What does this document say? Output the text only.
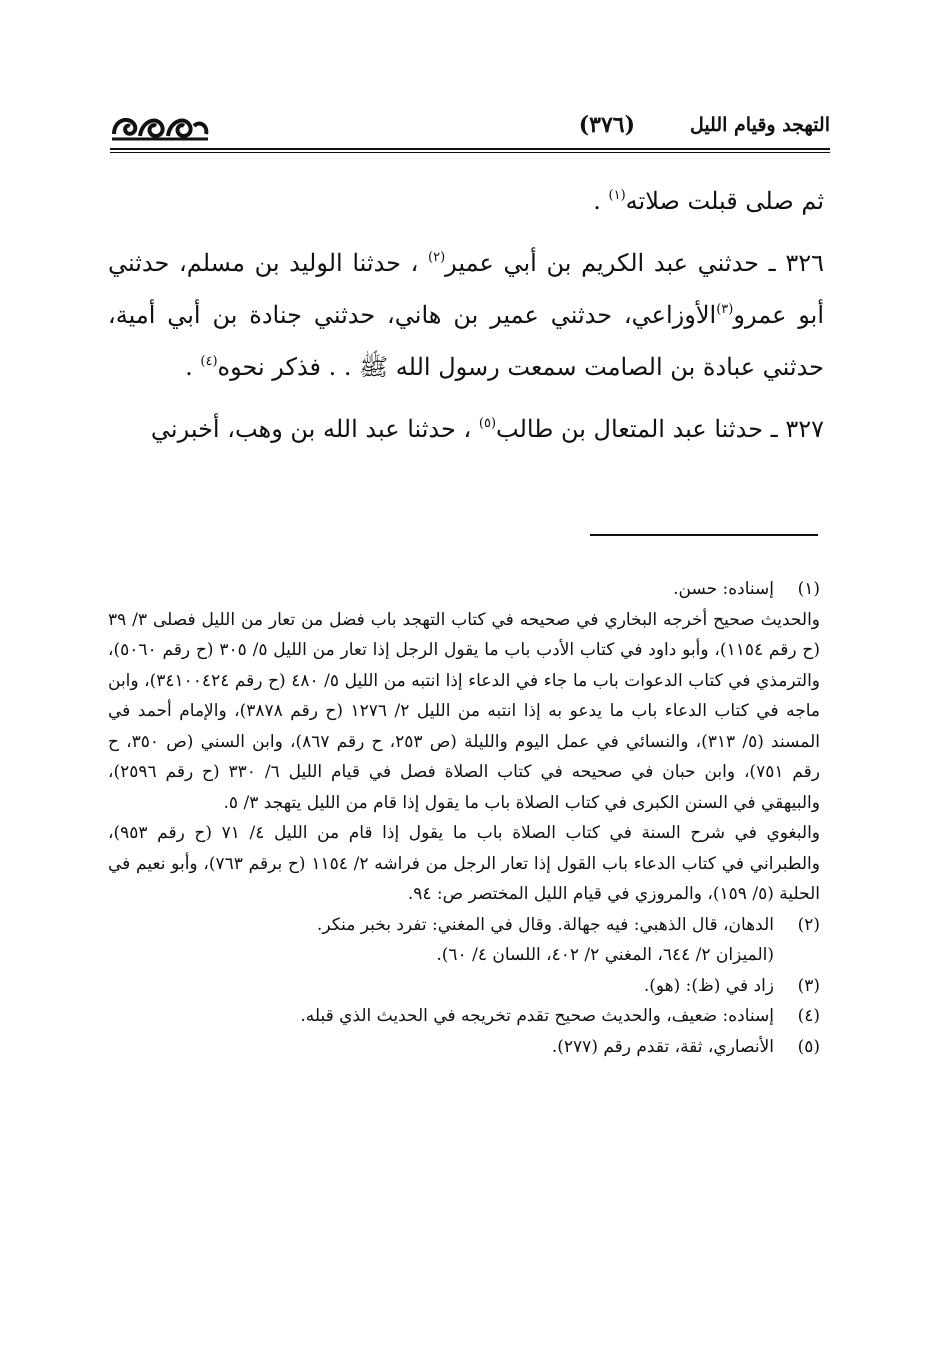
التهجد وقيام الليل
(٣٧٦)

ثم صلى قبلت صلاته$^{(١)}$ .

٣٢٦ ـ حدثني عبد الكريم بن أبي عمير$^{(٢)}$ ، حدثنا الوليد بن مسلم، حدثني أبو عمرو$^{(٣)}$الأوزاعي، حدثني عمير بن هاني، حدثني جنادة بن أبي أمية، حدثني عبادة بن الصامت سمعت رسول الله ﷺ . . فذكر نحوه$^{(٤)}$ .

٣٢٧ ـ حدثنا عبد المتعال بن طالب$^{(٥)}$ ، حدثنا عبد الله بن وهب، أخبرني

(١)

إسناده: حسن.

والحديث صحيح أخرجه البخاري في صحيحه في كتاب التهجد باب فضل من تعار من الليل فصلى ٣/ ٣٩ (ح رقم ١١٥٤)، وأبو داود في كتاب الأدب باب ما يقول الرجل إذا تعار من الليل ٥/ ٣٠٥ (ح رقم ٥٠٦٠)، والترمذي في كتاب الدعوات باب ما جاء في الدعاء إذا انتبه من الليل ٥/ ٤٨٠ (ح رقم ٣٤١٠٠٤٢٤)، وابن ماجه في كتاب الدعاء باب ما يدعو به إذا انتبه من الليل ٢/ ١٢٧٦ (ح رقم ٣٨٧٨)، والإمام أحمد في المسند (٥/ ٣١٣)، والنسائي في عمل اليوم والليلة (ص ٢٥٣، ح رقم ٨٦٧)، وابن السني (ص ٣٥٠، ح رقم ٧٥١)، وابن حبان في صحيحه في كتاب الصلاة فصل في قيام الليل ٦/ ٣٣٠ (ح رقم ٢٥٩٦)، والبيهقي في السنن الكبرى في كتاب الصلاة باب ما يقول إذا قام من الليل يتهجد ٣/ ٥.

والبغوي في شرح السنة في كتاب الصلاة باب ما يقول إذا قام من الليل ٤/ ٧١ (ح رقم ٩٥٣)، والطبراني في كتاب الدعاء باب القول إذا تعار الرجل من فراشه ٢/ ١١٥٤ (ح برقم ٧٦٣)، وأبو نعيم في الحلية (٥/ ١٥٩)، والمروزي في قيام الليل المختصر ص: ٩٤.

(٢)

الدهان، قال الذهبي: فيه جهالة. وقال في المغني: تفرد بخبر منكر.

(الميزان ٢/ ٦٤٤، المغني ٢/ ٤٠٢، اللسان ٤/ ٦٠).

(٣)

زاد في (ظ): (هو).

(٤)

إسناده: ضعيف، والحديث صحيح تقدم تخريجه في الحديث الذي قبله.

(٥)

الأنصاري، ثقة، تقدم رقم (٢٧٧).
